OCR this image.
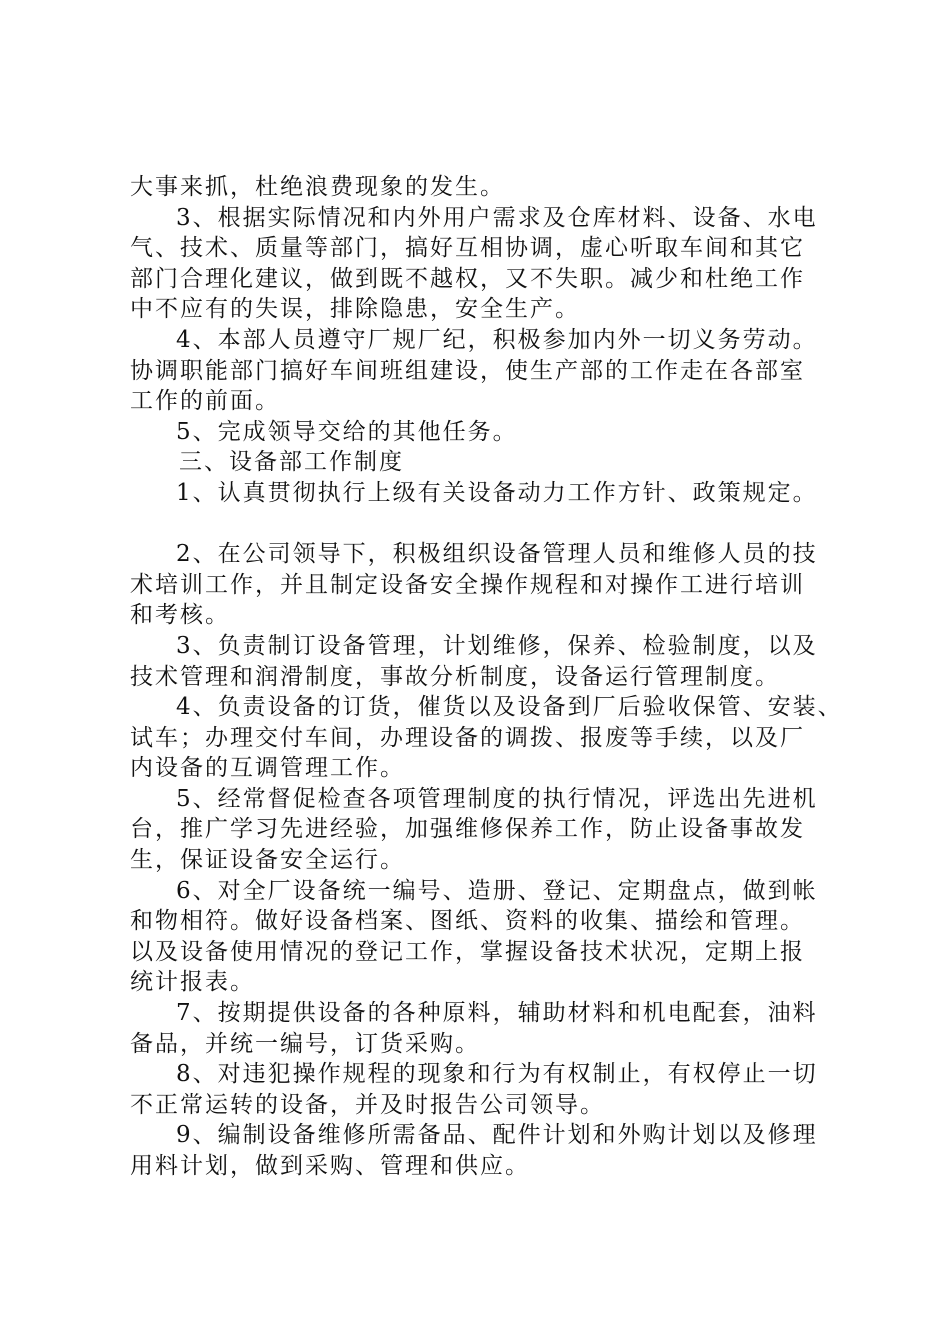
大事来抓，杜绝浪费现象的发生。
3、根据实际情况和内外用户需求及仓库材料、设备、水电
气、技术、质量等部门，搞好互相协调，虚心听取车间和其它
部门合理化建议，做到既不越权，又不失职。减少和杜绝工作
中不应有的失误，排除隐患，安全生产。
4、本部人员遵守厂规厂纪，积极参加内外一切义务劳动。
协调职能部门搞好车间班组建设，使生产部的工作走在各部室
工作的前面。
5、完成领导交给的其他任务。
三、设备部工作制度
1、认真贯彻执行上级有关设备动力工作方针、政策规定。
2、在公司领导下，积极组织设备管理人员和维修人员的技
术培训工作，并且制定设备安全操作规程和对操作工进行培训
和考核。
3、负责制订设备管理，计划维修，保养、检验制度，以及
技术管理和润滑制度，事故分析制度，设备运行管理制度。
4、负责设备的订货，催货以及设备到厂后验收保管、安装、
试车；办理交付车间，办理设备的调拨、报废等手续，以及厂
内设备的互调管理工作。
5、经常督促检查各项管理制度的执行情况，评选出先进机
台，推广学习先进经验，加强维修保养工作，防止设备事故发
生，保证设备安全运行。
6、对全厂设备统一编号、造册、登记、定期盘点，做到帐
和物相符。做好设备档案、图纸、资料的收集、描绘和管理。
以及设备使用情况的登记工作，掌握设备技术状况，定期上报
统计报表。
7、按期提供设备的各种原料，辅助材料和机电配套，油料
备品，并统一编号，订货采购。
8、对违犯操作规程的现象和行为有权制止，有权停止一切
不正常运转的设备，并及时报告公司领导。
9、编制设备维修所需备品、配件计划和外购计划以及修理
用料计划，做到采购、管理和供应。
